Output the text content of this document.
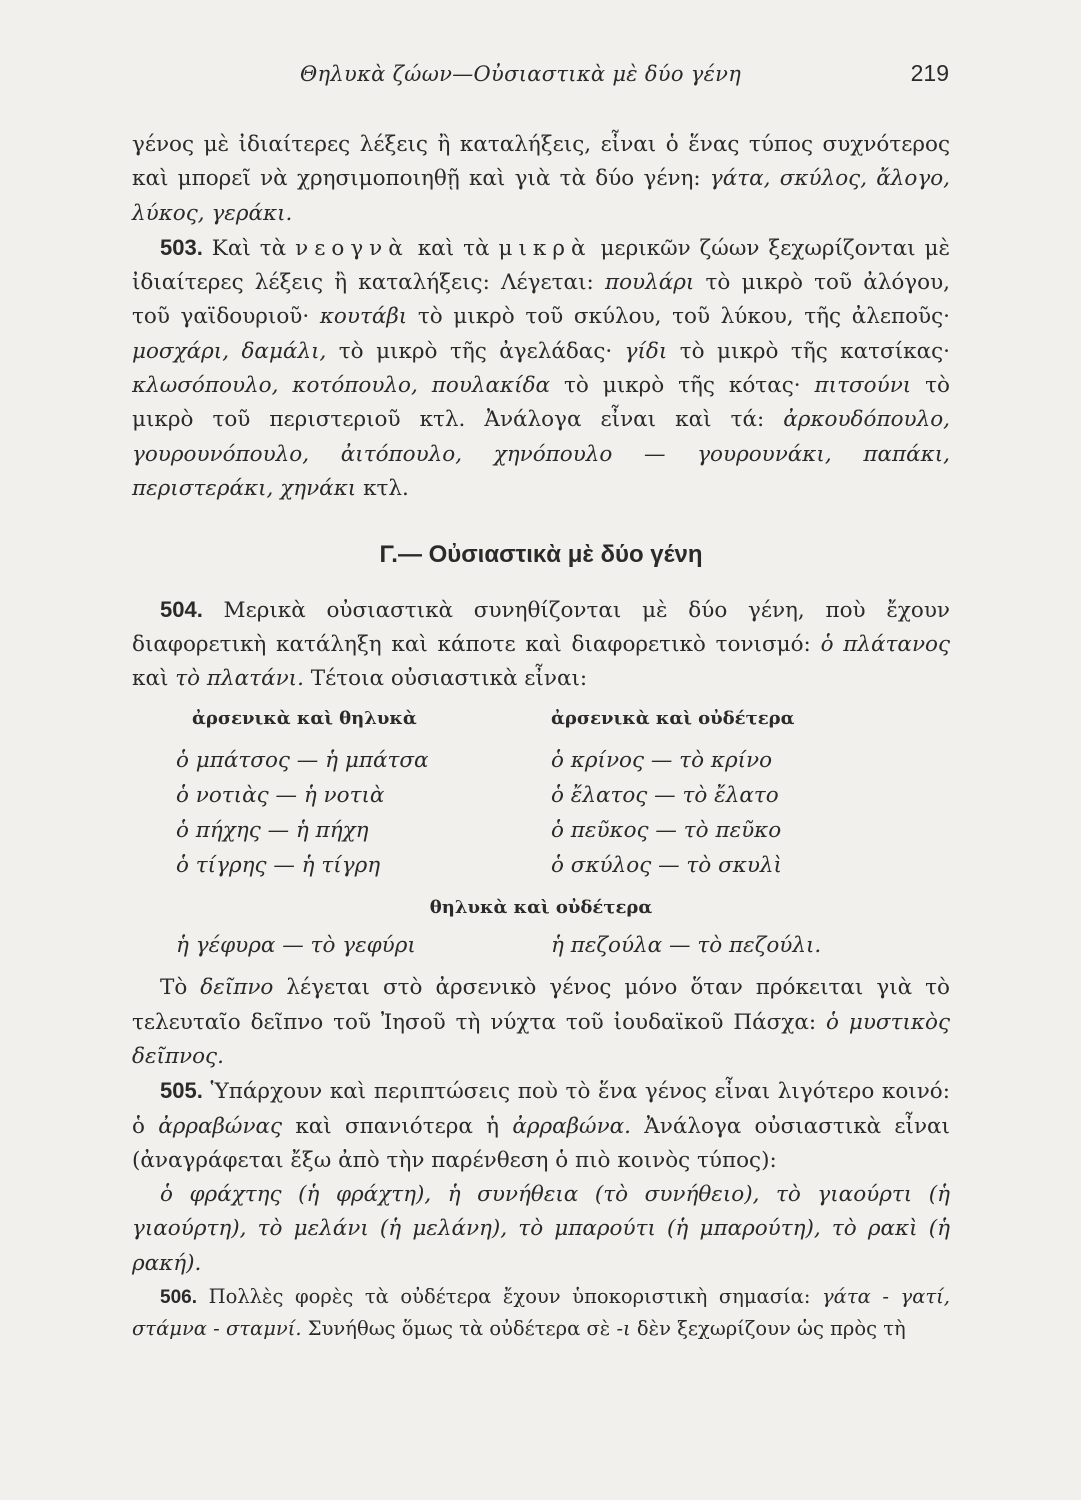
Θηλυκὰ ζώων—Οὐσιαστικὰ μὲ δύο γένη	219

γένος μὲ ἰδιαίτερες λέξεις ἢ καταλήξεις, εἶναι ὁ ἕνας τύπος συχνότερος καὶ μπορεῖ νὰ χρησιμοποιηθῇ καὶ γιὰ τὰ δύο γένη: γάτα, σκύλος, ἄλογο, λύκος, γεράκι.

503. Καὶ τὰ νεογνὰ καὶ τὰ μικρὰ μερικῶν ζώων ξεχωρίζονται μὲ ἰδιαίτερες λέξεις ἢ καταλήξεις: Λέγεται: πουλάρι τὸ μικρὸ τοῦ ἀλόγου, τοῦ γαϊδουριοῦ· κουτάβι τὸ μικρὸ τοῦ σκύλου, τοῦ λύκου, τῆς ἀλεποῦς· μοσχάρι, δαμάλι, τὸ μικρὸ τῆς ἀγελάδας· γίδι τὸ μικρὸ τῆς κατσίκας· κλωσόπουλο, κοτόπουλο, πουλακίδα τὸ μικρὸ τῆς κότας· πιτσούνι τὸ μικρὸ τοῦ περιστεριοῦ κτλ. Ἀνάλογα εἶναι καὶ τά: ἀρκουδόπουλο, γουρουνόπουλο, ἀιτόπουλο, χηνόπουλο — γουρουνάκι, παπάκι, περιστεράκι, χηνάκι κτλ.

Γ.— Οὐσιαστικὰ μὲ δύο γένη

504. Μερικὰ οὐσιαστικὰ συνηθίζονται μὲ δύο γένη, ποὺ ἔχουν διαφορετικὴ κατάληξη καὶ κάποτε καὶ διαφορετικὸ τονισμό: ὁ πλάτανος καὶ τὸ πλατάνι. Τέτοια οὐσιαστικὰ εἶναι:

ἀρσενικὰ καὶ θηλυκὰ
ὁ μπάτσος — ἡ μπάτσα
ὁ νοτιὰς — ἡ νοτιὰ
ὁ πήχης — ἡ πήχη
ὁ τίγρης — ἡ τίγρη
ἀρσενικὰ καὶ οὐδέτερα
ὁ κρίνος — τὸ κρίνο
ὁ ἔλατος — τὸ ἔλατο
ὁ πεῦκος — τὸ πεῦκο
ὁ σκύλος — τὸ σκυλὶ
θηλυκὰ καὶ οὐδέτερα
ἡ γέφυρα — τὸ γεφύρι	ἡ πεζούλα — τὸ πεζούλι.

Τὸ δεῖπνο λέγεται στὸ ἀρσενικὸ γένος μόνο ὅταν πρόκειται γιὰ τὸ τελευταῖο δεῖπνο τοῦ Ἰησοῦ τὴ νύχτα τοῦ ἰουδαϊκοῦ Πάσχα: ὁ μυστικὸς δεῖπνος.

505. Ὑπάρχουν καὶ περιπτώσεις ποὺ τὸ ἕνα γένος εἶναι λιγότερο κοινό: ὁ ἀρραβώνας καὶ σπανιότερα ἡ ἀρραβώνα. Ἀνάλογα οὐσιαστικὰ εἶναι (ἀναγράφεται ἔξω ἀπὸ τὴν παρένθεση ὁ πιὸ κοινὸς τύπος):

ὁ φράχτης (ἡ φράχτη), ἡ συνήθεια (τὸ συνήθειο), τὸ γιαούρτι (ἡ γιαούρτη), τὸ μελάνι (ἡ μελάνη), τὸ μπαρούτι (ἡ μπαρούτη), τὸ ρακὶ (ἡ ρακή).

506. Πολλὲς φορὲς τὰ οὐδέτερα ἔχουν ὑποκοριστικὴ σημασία: γάτα - γατί, στάμνα - σταμνί. Συνήθως ὅμως τὰ οὐδέτερα σὲ -ι δὲν ξεχωρίζουν ὡς πρὸς τὴ
